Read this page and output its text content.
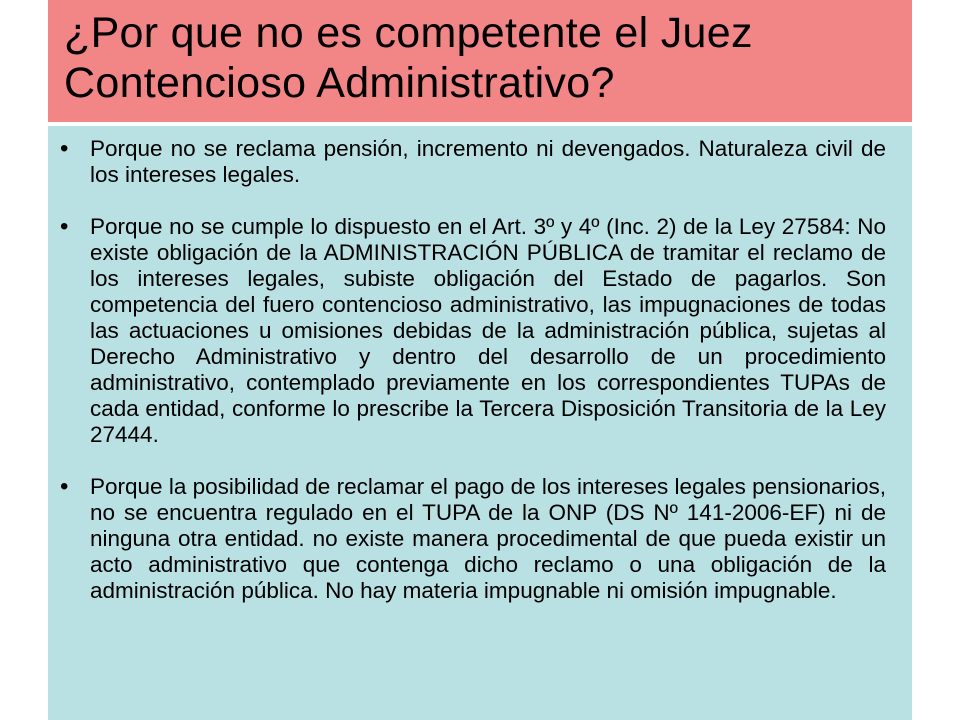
¿Por que no es competente el Juez Contencioso Administrativo?
• Porque no se reclama pensión, incremento ni devengados. Naturaleza civil de los intereses legales.
• Porque no se cumple lo dispuesto en el Art. 3º y 4º (Inc. 2) de la Ley 27584: No existe obligación de la ADMINISTRACIÓN PÚBLICA de tramitar el reclamo de los intereses legales, subiste obligación del Estado de pagarlos. Son competencia del fuero contencioso administrativo, las impugnaciones de todas las actuaciones u omisiones debidas de la administración pública, sujetas al Derecho Administrativo y dentro del desarrollo de un procedimiento administrativo, contemplado previamente en los correspondientes TUPAs de cada entidad, conforme lo prescribe la Tercera Disposición Transitoria de la Ley 27444.
• Porque la posibilidad de reclamar el pago de los intereses legales pensionarios, no se encuentra regulado en el TUPA de la ONP (DS Nº 141-2006-EF) ni de ninguna otra entidad. no existe manera procedimental de que pueda existir un acto administrativo que contenga dicho reclamo o una obligación de la administración pública. No hay materia impugnable ni omisión impugnable.
